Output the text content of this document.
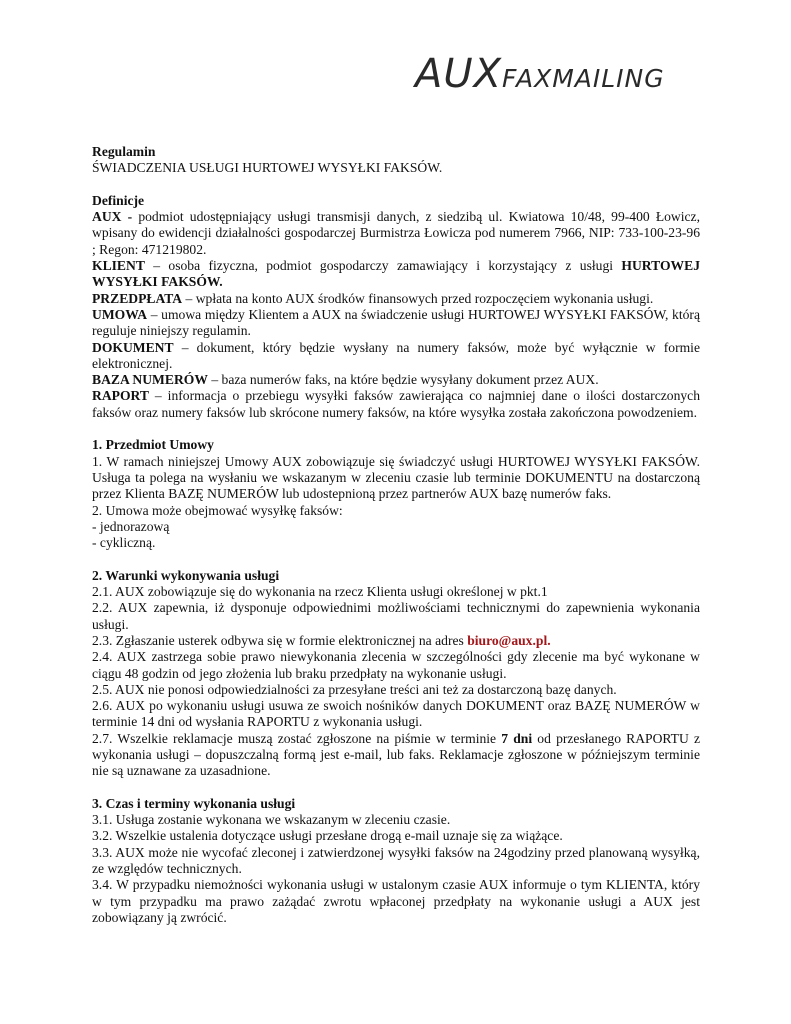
AUXFAXMAILING

Regulamin

ŚWIADCZENIA USŁUGI HURTOWEJ WYSYŁKI FAKSÓW.

Definicje

AUX - podmiot udostępniający usługi transmisji danych, z siedzibą ul. Kwiatowa 10/48, 99-400 Łowicz, wpisany do ewidencji działalności gospodarczej Burmistrza Łowicza pod numerem 7966, NIP: 733-100-23-96 ; Regon: 471219802.

KLIENT – osoba fizyczna, podmiot gospodarczy zamawiający i korzystający z usługi HURTOWEJ WYSYŁKI FAKSÓW.

PRZEDPŁATA – wpłata na konto AUX środków finansowych przed rozpoczęciem wykonania usługi.

UMOWA – umowa między Klientem a AUX na świadczenie usługi HURTOWEJ WYSYŁKI FAKSÓW, którą reguluje niniejszy regulamin.

DOKUMENT – dokument, który będzie wysłany na numery faksów, może być wyłącznie w formie elektronicznej.

BAZA NUMERÓW – baza numerów faks, na które będzie wysyłany dokument przez AUX.

RAPORT – informacja o przebiegu wysyłki faksów zawierająca co najmniej dane o ilości dostarczonych faksów oraz numery faksów lub skrócone numery faksów, na które wysyłka została zakończona powodzeniem.

1. Przedmiot Umowy

1. W ramach niniejszej Umowy AUX zobowiązuje się świadczyć usługi HURTOWEJ WYSYŁKI FAKSÓW. Usługa ta polega na wysłaniu we wskazanym w zleceniu czasie lub terminie DOKUMENTU na dostarczoną przez Klienta BAZĘ NUMERÓW lub udostepnioną przez partnerów AUX bazę numerów faks.

2. Umowa może obejmować wysyłkę faksów:

- jednorazową

- cykliczną.

2. Warunki wykonywania usługi

2.1. AUX zobowiązuje się do wykonania na rzecz Klienta usługi określonej w pkt.1

2.2. AUX zapewnia, iż dysponuje odpowiednimi możliwościami technicznymi do zapewnienia wykonania usługi.

2.3. Zgłaszanie usterek odbywa się w formie elektronicznej na adres biuro@aux.pl.

2.4. AUX zastrzega sobie prawo niewykonania zlecenia w szczególności gdy zlecenie ma być wykonane w ciągu 48 godzin od jego złożenia lub braku przedpłaty na wykonanie usługi.

2.5. AUX nie ponosi odpowiedzialności za przesyłane treści ani też za dostarczoną bazę danych.

2.6. AUX po wykonaniu usługi usuwa ze swoich nośników danych DOKUMENT oraz BAZĘ NUMERÓW w terminie 14 dni od wysłania RAPORTU z wykonania usługi.

2.7. Wszelkie reklamacje muszą zostać zgłoszone na piśmie w terminie 7 dni od przesłanego RAPORTU z wykonania usługi – dopuszczalną formą jest e-mail, lub faks. Reklamacje zgłoszone w późniejszym terminie nie są uznawane za uzasadnione.

3. Czas i terminy wykonania usługi

3.1. Usługa zostanie wykonana we wskazanym w zleceniu czasie.

3.2. Wszelkie ustalenia dotyczące usługi przesłane drogą e-mail uznaje się za wiążące.

3.3. AUX może nie wycofać zleconej i zatwierdzonej wysyłki faksów na 24godziny przed planowaną wysyłką, ze względów technicznych.

3.4. W przypadku niemożności wykonania usługi w ustalonym czasie AUX informuje o tym KLIENTA, który w tym przypadku ma prawo zażądać zwrotu wpłaconej przedpłaty na wykonanie usługi a AUX jest zobowiązany ją zwrócić.
